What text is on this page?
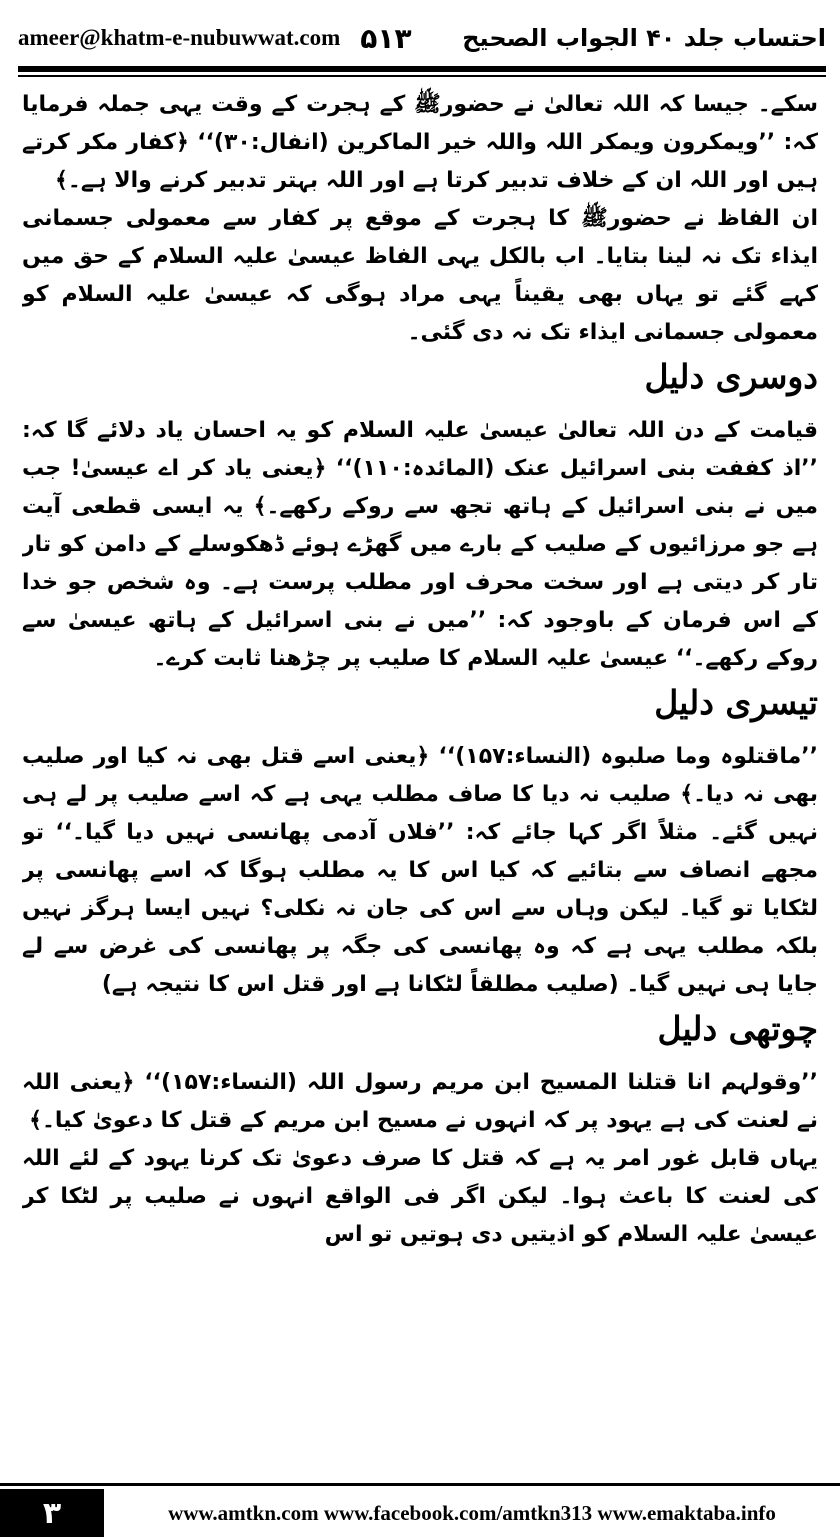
احتساب جلد ۴۰ الجواب الصحیح
ameer@khatm-e-nubuwwat.com ۵۱۳

سکے۔ جیسا کہ اللہ تعالیٰ نے حضورﷺ کے ہجرت کے وقت یہی جملہ فرمایا کہ: ’’ویمکرون ویمکر اللہ واللہ خیر الماکرین (انفال:۳۰)‘‘ ﴿کفار مکر کرتے ہیں اور اللہ ان کے خلاف تدبیر کرتا ہے اور اللہ بہتر تدبیر کرنے والا ہے۔﴾

ان الفاظ نے حضورﷺ کا ہجرت کے موقع پر کفار سے معمولی جسمانی ایذاء تک نہ لینا بتایا۔ اب بالکل یہی الفاظ عیسیٰ علیہ السلام کے حق میں کہے گئے تو یہاں بھی یقیناً یہی مراد ہوگی کہ عیسیٰ علیہ السلام کو معمولی جسمانی ایذاء تک نہ دی گئی۔

دوسری دلیل

قیامت کے دن اللہ تعالیٰ عیسیٰ علیہ السلام کو یہ احسان یاد دلائے گا کہ: ’’اذ کففت بنی اسرائیل عنک (المائدہ:۱۱۰)‘‘ ﴿یعنی یاد کر اے عیسیٰ! جب میں نے بنی اسرائیل کے ہاتھ تجھ سے روکے رکھے۔﴾ یہ ایسی قطعی آیت ہے جو مرزائیوں کے صلیب کے بارے میں گھڑے ہوئے ڈھکوسلے کے دامن کو تار تار کر دیتی ہے اور سخت محرف اور مطلب پرست ہے۔ وہ شخص جو خدا کے اس فرمان کے باوجود کہ: ’’میں نے بنی اسرائیل کے ہاتھ عیسیٰ سے روکے رکھے۔‘‘ عیسیٰ علیہ السلام کا صلیب پر چڑھنا ثابت کرے۔

تیسری دلیل

’’ماقتلوہ وما صلبوہ (النساء:۱۵۷)‘‘ ﴿یعنی اسے قتل بھی نہ کیا اور صلیب بھی نہ دیا۔﴾ صلیب نہ دیا کا صاف مطلب یہی ہے کہ اسے صلیب پر لے ہی نہیں گئے۔ مثلاً اگر کہا جائے کہ: ’’فلاں آدمی پھانسی نہیں دیا گیا۔‘‘ تو مجھے انصاف سے بتائیے کہ کیا اس کا یہ مطلب ہوگا کہ اسے پھانسی پر لٹکایا تو گیا۔ لیکن وہاں سے اس کی جان نہ نکلی؟ نہیں ایسا ہرگز نہیں بلکہ مطلب یہی ہے کہ وہ پھانسی کی جگہ پر پھانسی کی غرض سے لے جایا ہی نہیں گیا۔ (صلیب مطلقاً لٹکانا ہے اور قتل اس کا نتیجہ ہے)

چوتھی دلیل

’’وقولہم انا قتلنا المسیح ابن مریم رسول اللہ (النساء:۱۵۷)‘‘ ﴿یعنی اللہ نے لعنت کی ہے یہود پر کہ انہوں نے مسیح ابن مریم کے قتل کا دعویٰ کیا۔﴾

یہاں قابل غور امر یہ ہے کہ قتل کا صرف دعویٰ تک کرنا یہود کے لئے اللہ کی لعنت کا باعث ہوا۔ لیکن اگر فی الواقع انہوں نے صلیب پر لٹکا کر عیسیٰ علیہ السلام کو اذیتیں دی ہوتیں تو اس

۳	www.amtkn.com www.facebook.com/amtkn313 www.emaktaba.info
